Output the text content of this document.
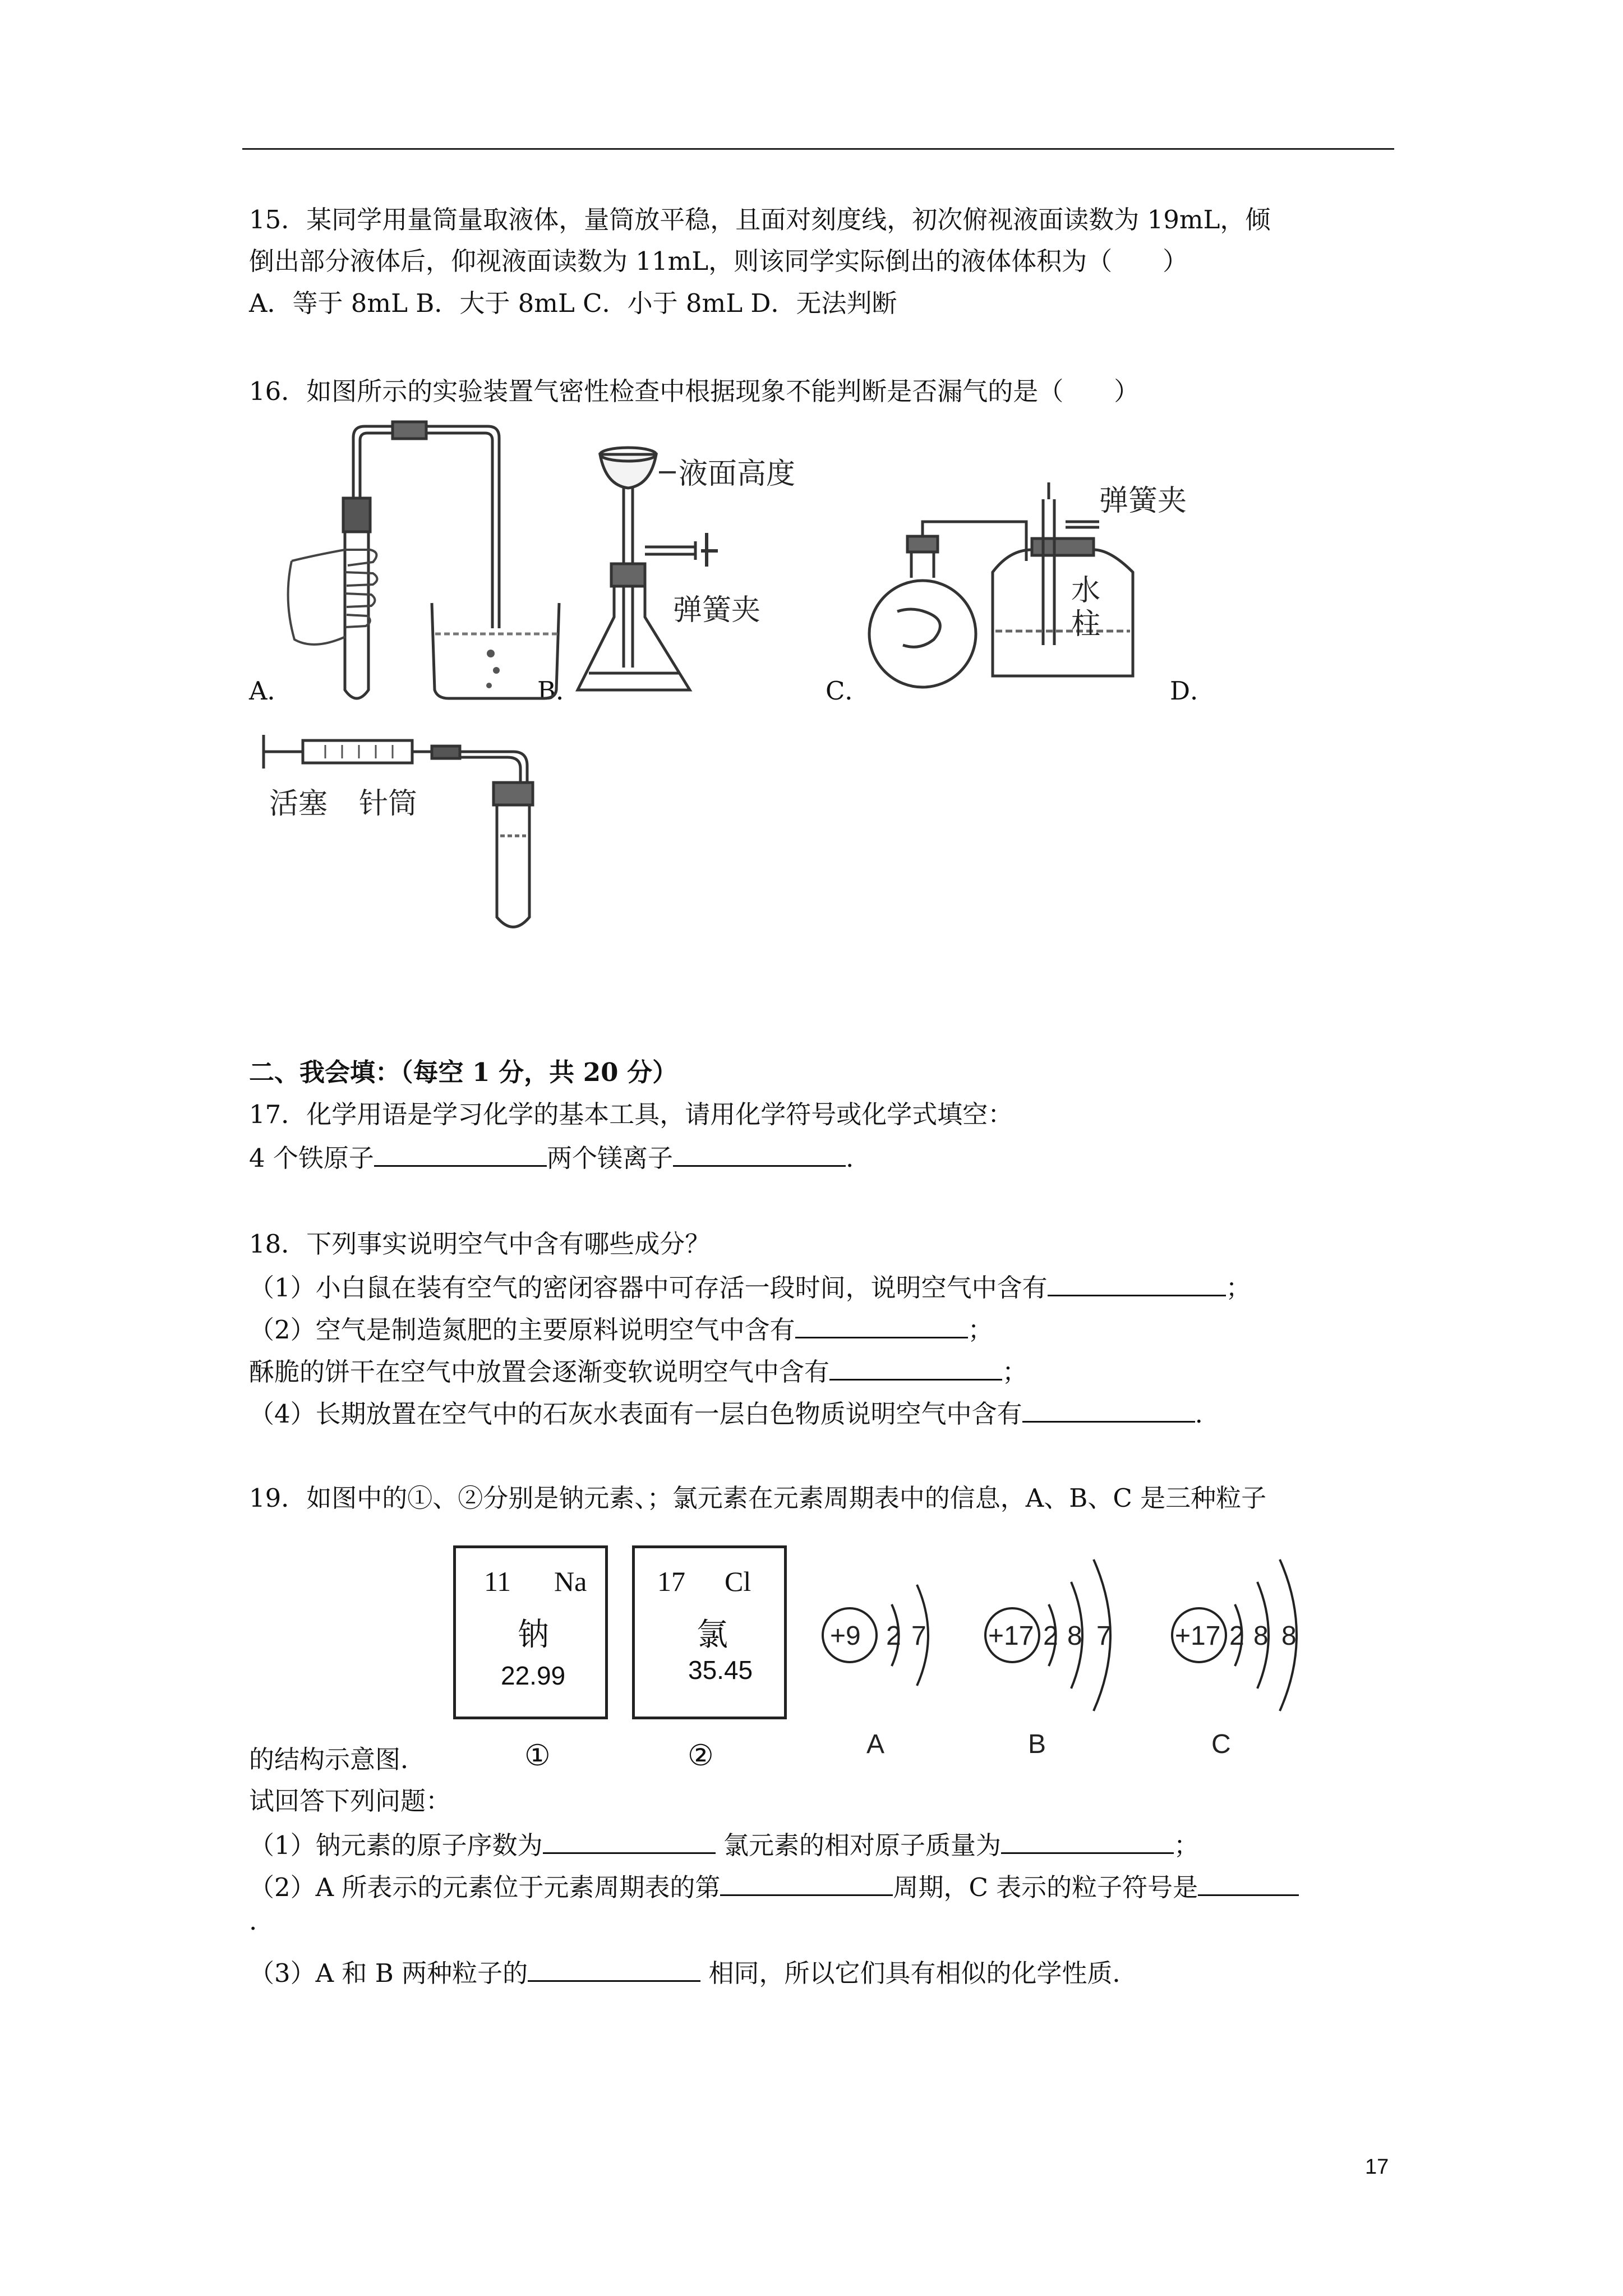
15．某同学用量筒量取液体，量筒放平稳，且面对刻度线，初次俯视液面读数为 19mL，倾
倒出部分液体后，仰视液面读数为 11mL，则该同学实际倒出的液体体积为（　　）
A．等于 8mL B．大于 8mL C．小于 8mL D．无法判断
16．如图所示的实验装置气密性检查中根据现象不能判断是否漏气的是（　　）
A．	B．	C．	D．
液面高度
弹簧夹
弹簧夹
水
柱
活塞 针筒
二、我会填：（每空 1 分，共 20 分）
17．化学用语是学习化学的基本工具，请用化学符号或化学式填空：
4 个铁原子	两个镁离子	.
18．下列事实说明空气中含有哪些成分？
（1）小白鼠在装有空气的密闭容器中可存活一段时间，说明空气中含有	；
（2）空气是制造氮肥的主要原料说明空气中含有	；
酥脆的饼干在空气中放置会逐渐变软说明空气中含有	；
（4）长期放置在空气中的石灰水表面有一层白色物质说明空气中含有	.
19．如图中的①、②分别是钠元素、；氯元素在元素周期表中的信息，A、B、C 是三种粒子
11 Na
钠
22.99
17 Cl
氯
35.45
+9 2 7 +17 2 8 7 +17 2 8 8
A	B	C
的结构示意图．	①	②
试回答下列问题：
（1）钠元素的原子序数为	氯元素的相对原子质量为	；
（2）A 所表示的元素位于元素周期表的第	周期，C 表示的粒子符号是
.
（3）A 和 B 两种粒子的	相同，所以它们具有相似的化学性质．
17
